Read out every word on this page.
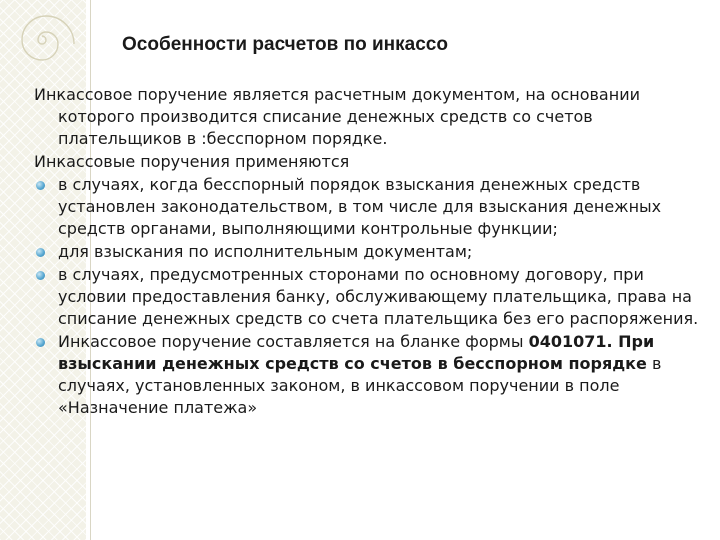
Особенности расчетов по инкассо

Инкассовое поручение является расчетным документом, на основании которого производится списание денежных средств со счетов плательщиков в :бесспорном порядке.

Инкассовые поручения применяются

в случаях, когда бесспорный порядок взыскания денежных средств установлен законодательством, в том числе для взыскания денежных средств органами, выполняющими контрольные функции;
для взыскания по исполнительным документам;
в случаях, предусмотренных сторонами по основному договору, при условии предоставления банку, обслуживающему плательщика, права на списание денежных средств со счета плательщика без его распоряжения.
Инкассовое поручение составляется на бланке формы 0401071. При взыскании денежных средств со счетов в бесспорном порядке в случаях, установленных законом, в инкассовом поручении в поле «Назначение платежа»
